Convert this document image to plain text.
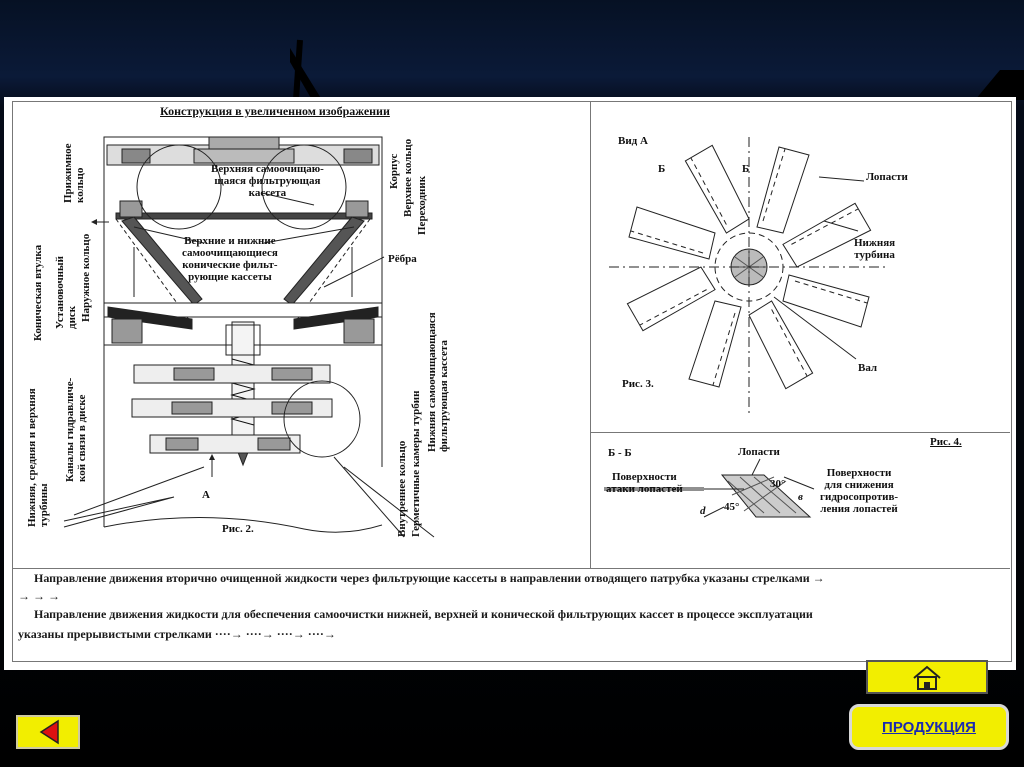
Конструкция в увеличенном изображении
Верхняя самоочищаю-
щаяся фильтрующая
кассета
Верхние и нижние
самоочищающиеся
конические фильт-
рующие кассеты
Рёбра
Прижимное
кольцо	Корпус Верхнее кольцо Переходник
Коническая втулка Установочный
диск Наружное кольцо
Каналы гидравличе-
кой связи в диске
Нижняя, средняя и верхняя
турбины	Внутреннее кольцо Герметичные камеры турбин Нижняя самоочищающаяся
фильтрующая кассета
А
Рис. 2.
Вид А
Б	Б
Лопасти
Нижняя
турбина
Вал
Рис. 3.
Б - Б
Рис. 4.
Лопасти
Поверхности
атаки лопастей
Поверхности
для снижения
гидросопротив-
ления лопастей
30°
45°
d
в
Направление движения вторично очищенной жидкости через фильтрующие кассеты в направлении отводящего патрубка указаны стрелками →
→ → →
Направление движения жидкости для обеспечения самоочистки нижней, верхней и конической фильтрующих кассет в процессе эксплуатации
указаны прерывистыми стрелками ····→ ····→ ····→ ····→
ПРОДУКЦИЯ
